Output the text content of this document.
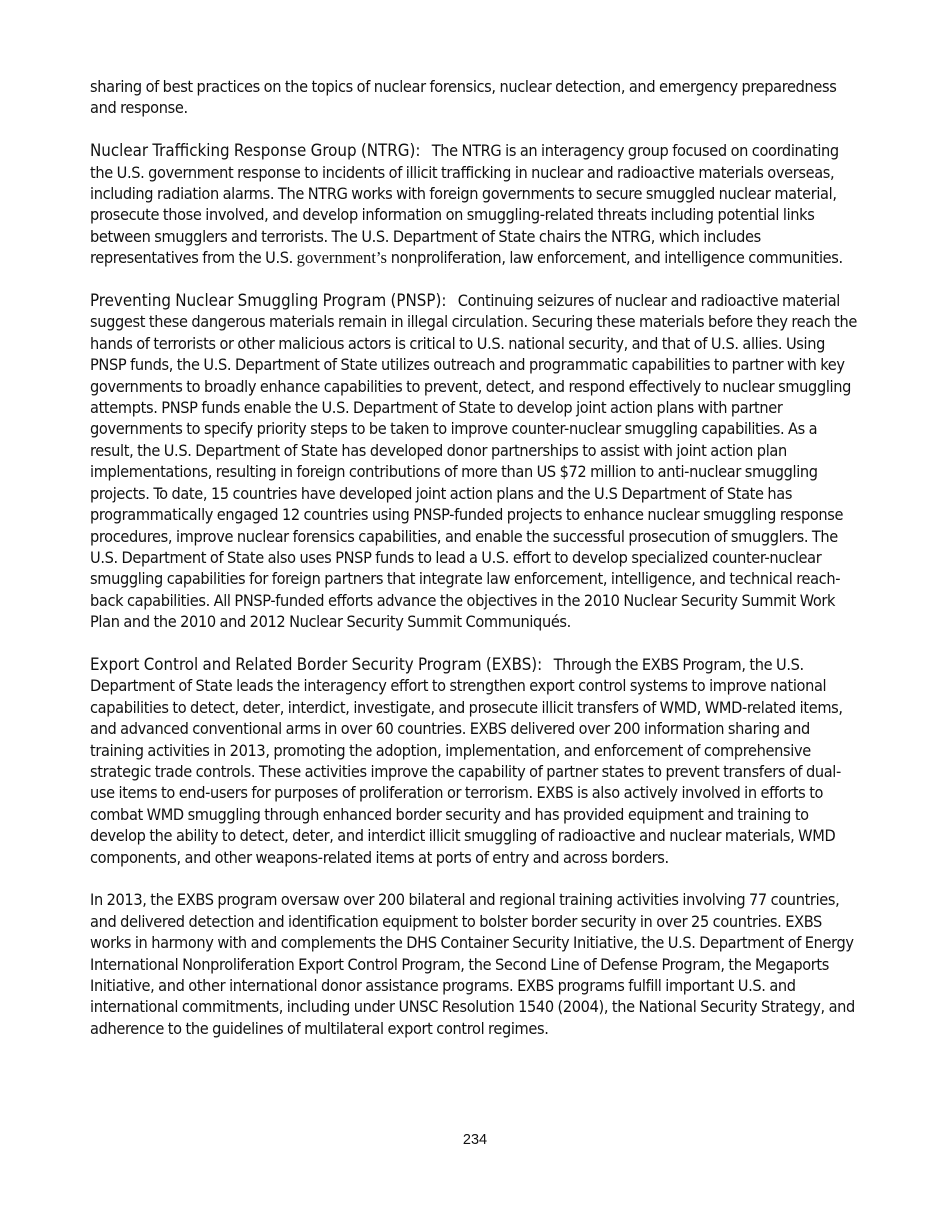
sharing of best practices on the topics of nuclear forensics, nuclear detection, and emergency preparedness and response.

Nuclear Trafficking Response Group (NTRG): The NTRG is an interagency group focused on coordinating the U.S. government response to incidents of illicit trafficking in nuclear and radioactive materials overseas, including radiation alarms. The NTRG works with foreign governments to secure smuggled nuclear material, prosecute those involved, and develop information on smuggling-related threats including potential links between smugglers and terrorists. The U.S. Department of State chairs the NTRG, which includes representatives from the U.S. government’s nonproliferation, law enforcement, and intelligence communities.

Preventing Nuclear Smuggling Program (PNSP): Continuing seizures of nuclear and radioactive material suggest these dangerous materials remain in illegal circulation. Securing these materials before they reach the hands of terrorists or other malicious actors is critical to U.S. national security, and that of U.S. allies. Using PNSP funds, the U.S. Department of State utilizes outreach and programmatic capabilities to partner with key governments to broadly enhance capabilities to prevent, detect, and respond effectively to nuclear smuggling attempts. PNSP funds enable the U.S. Department of State to develop joint action plans with partner governments to specify priority steps to be taken to improve counter-nuclear smuggling capabilities. As a result, the U.S. Department of State has developed donor partnerships to assist with joint action plan implementations, resulting in foreign contributions of more than US $72 million to anti-nuclear smuggling projects. To date, 15 countries have developed joint action plans and the U.S Department of State has programmatically engaged 12 countries using PNSP-funded projects to enhance nuclear smuggling response procedures, improve nuclear forensics capabilities, and enable the successful prosecution of smugglers. The U.S. Department of State also uses PNSP funds to lead a U.S. effort to develop specialized counter-nuclear smuggling capabilities for foreign partners that integrate law enforcement, intelligence, and technical reach-back capabilities. All PNSP-funded efforts advance the objectives in the 2010 Nuclear Security Summit Work Plan and the 2010 and 2012 Nuclear Security Summit Communiqués.

Export Control and Related Border Security Program (EXBS): Through the EXBS Program, the U.S. Department of State leads the interagency effort to strengthen export control systems to improve national capabilities to detect, deter, interdict, investigate, and prosecute illicit transfers of WMD, WMD-related items, and advanced conventional arms in over 60 countries. EXBS delivered over 200 information sharing and training activities in 2013, promoting the adoption, implementation, and enforcement of comprehensive strategic trade controls. These activities improve the capability of partner states to prevent transfers of dual-use items to end-users for purposes of proliferation or terrorism. EXBS is also actively involved in efforts to combat WMD smuggling through enhanced border security and has provided equipment and training to develop the ability to detect, deter, and interdict illicit smuggling of radioactive and nuclear materials, WMD components, and other weapons-related items at ports of entry and across borders.

In 2013, the EXBS program oversaw over 200 bilateral and regional training activities involving 77 countries, and delivered detection and identification equipment to bolster border security in over 25 countries. EXBS works in harmony with and complements the DHS Container Security Initiative, the U.S. Department of Energy International Nonproliferation Export Control Program, the Second Line of Defense Program, the Megaports Initiative, and other international donor assistance programs. EXBS programs fulfill important U.S. and international commitments, including under UNSC Resolution 1540 (2004), the National Security Strategy, and adherence to the guidelines of multilateral export control regimes.

234
